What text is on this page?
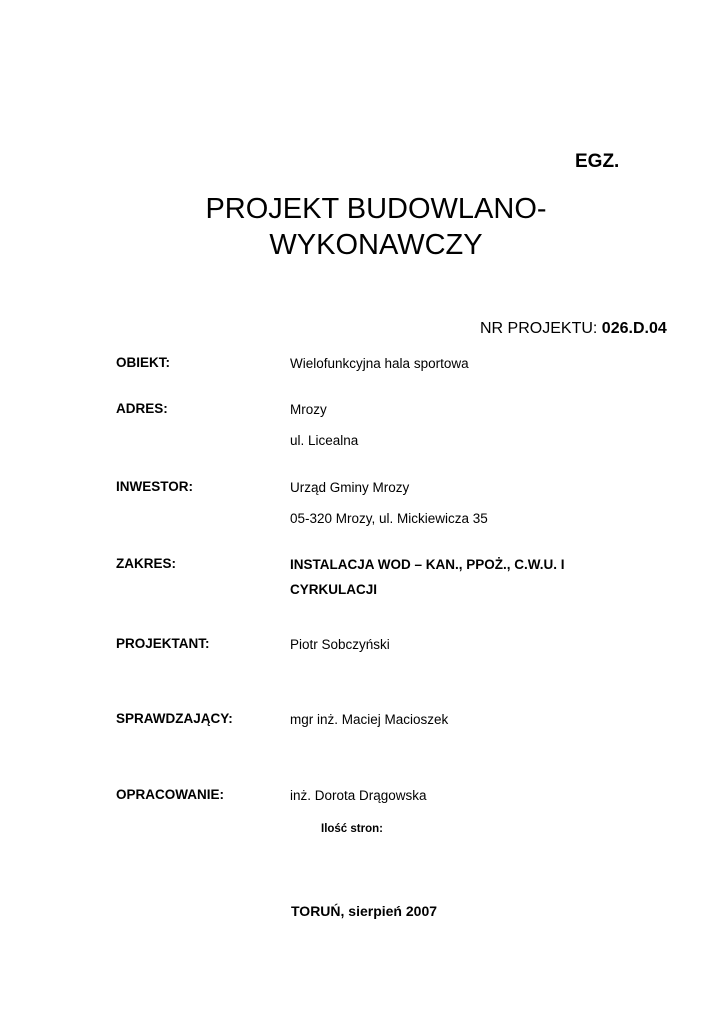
EGZ.
PROJEKT BUDOWLANO-
WYKONAWCZY
NR PROJEKTU: 026.D.04
OBIEKT:	Wielofunkcyjna hala sportowa
ADRES:	Mrozy
ul. Licealna
INWESTOR:	Urząd Gminy Mrozy
05-320 Mrozy, ul. Mickiewicza 35
ZAKRES:	INSTALACJA WOD – KAN., PPOŻ., C.W.U. I
CYRKULACJI
PROJEKTANT:	Piotr Sobczyński
SPRAWDZAJĄCY:	mgr inż. Maciej Macioszek
OPRACOWANIE:	inż. Dorota Drągowska
Ilość stron:
TORUŃ, sierpień 2007
